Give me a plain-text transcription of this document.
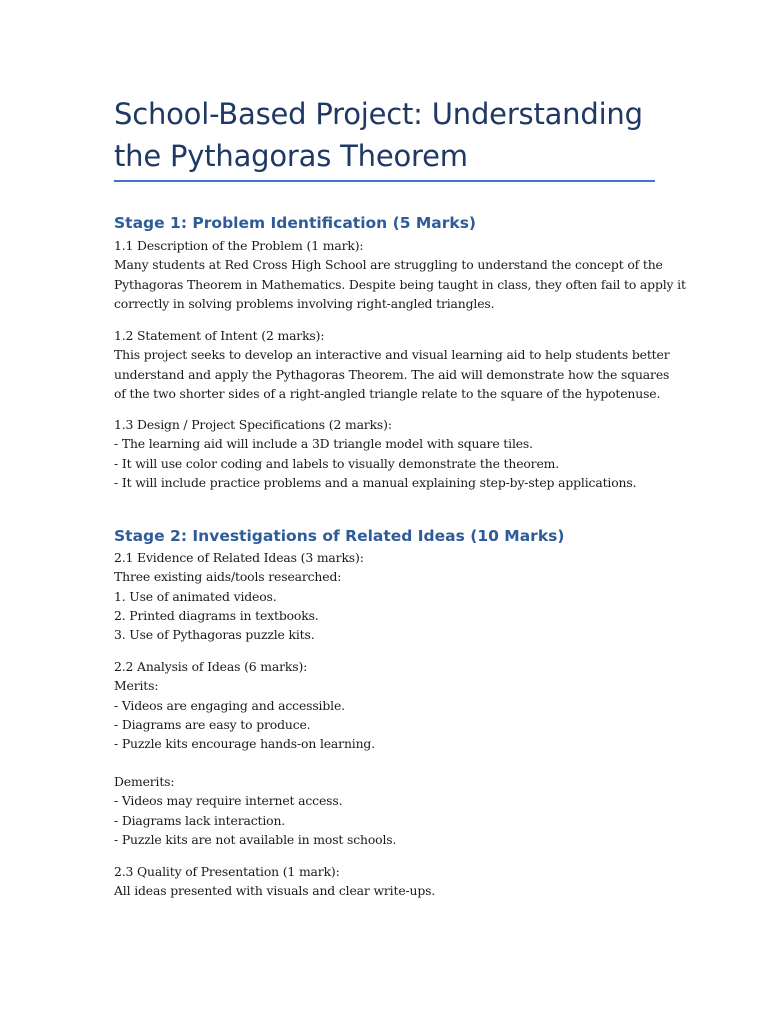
School-Based Project: Understanding
the Pythagoras Theorem
Stage 1: Problem Identification (5 Marks)
1.1 Description of the Problem (1 mark):
Many students at Red Cross High School are struggling to understand the concept of the
Pythagoras Theorem in Mathematics. Despite being taught in class, they often fail to apply it
correctly in solving problems involving right-angled triangles.
1.2 Statement of Intent (2 marks):
This project seeks to develop an interactive and visual learning aid to help students better
understand and apply the Pythagoras Theorem. The aid will demonstrate how the squares
of the two shorter sides of a right-angled triangle relate to the square of the hypotenuse.
1.3 Design / Project Specifications (2 marks):
- The learning aid will include a 3D triangle model with square tiles.
- It will use color coding and labels to visually demonstrate the theorem.
- It will include practice problems and a manual explaining step-by-step applications.
Stage 2: Investigations of Related Ideas (10 Marks)
2.1 Evidence of Related Ideas (3 marks):
Three existing aids/tools researched:
1. Use of animated videos.
2. Printed diagrams in textbooks.
3. Use of Pythagoras puzzle kits.
2.2 Analysis of Ideas (6 marks):
Merits:
- Videos are engaging and accessible.
- Diagrams are easy to produce.
- Puzzle kits encourage hands-on learning.
Demerits:
- Videos may require internet access.
- Diagrams lack interaction.
- Puzzle kits are not available in most schools.
2.3 Quality of Presentation (1 mark):
All ideas presented with visuals and clear write-ups.
